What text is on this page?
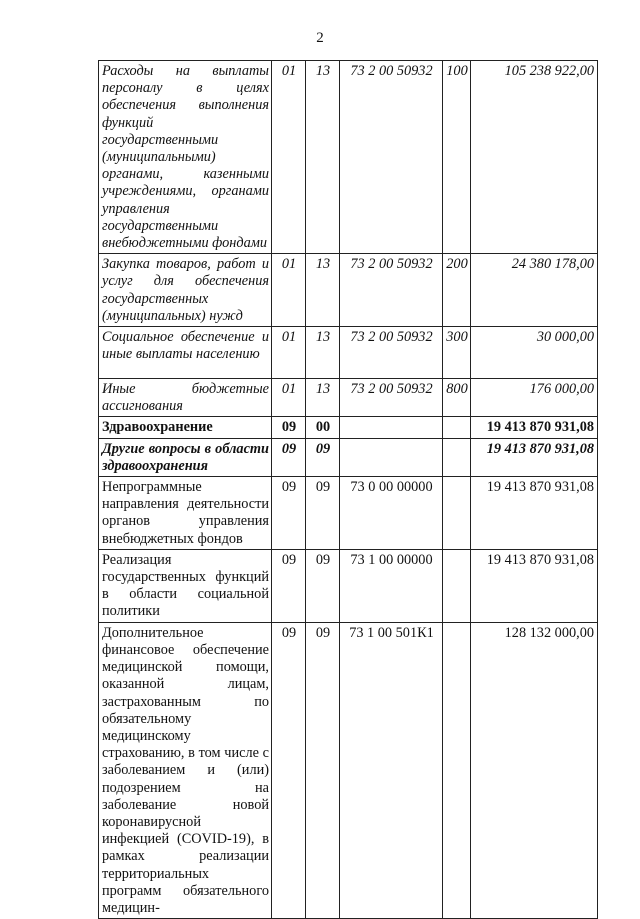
2
Расходы на выплаты персоналу в целях обеспечения выполнения функций государственными (муниципальными) органами, казенными учреждениями, органами управления государственными внебюджетными фондами	01	13	73 2 00 50932	100	105 238 922,00
Закупка товаров, работ и услуг для обеспечения государственных (муниципальных) нужд	01	13	73 2 00 50932	200	24 380 178,00
Социальное обеспечение и иные выплаты населению	01	13	73 2 00 50932	300	30 000,00
Иные бюджетные ассигнования	01	13	73 2 00 50932	800	176 000,00
Здравоохранение	09	00			19 413 870 931,08
Другие вопросы в области здравоохранения	09	09			19 413 870 931,08
Непрограммные направления деятельности органов управления внебюджетных фондов	09	09	73 0 00 00000		19 413 870 931,08
Реализация государственных функций в области социальной политики	09	09	73 1 00 00000		19 413 870 931,08
Дополнительное финансовое обеспечение медицинской помощи, оказанной лицам, застрахованным по обязательному медицинскому страхованию, в том числе с заболеванием и (или) подозрением на заболевание новой коронавирусной инфекцией (COVID-19), в рамках реализации территориальных программ обязательного медицин-	09	09	73 1 00 501К1		128 132 000,00
